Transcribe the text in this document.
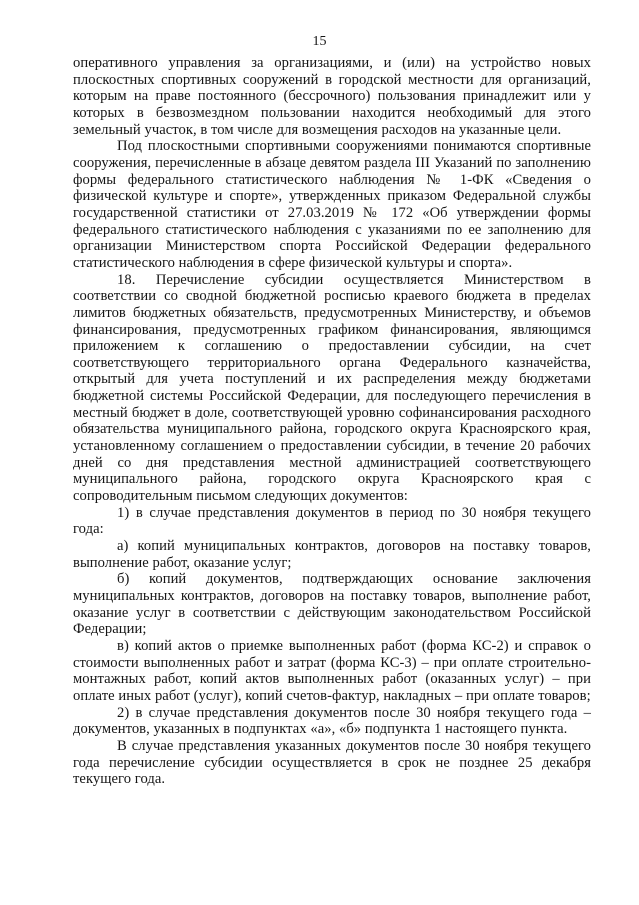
15

оперативного управления за организациями, и (или) на устройство новых плоскостных спортивных сооружений в городской местности для организаций, которым на праве постоянного (бессрочного) пользования принадлежит или у которых в безвозмездном пользовании находится необходимый для этого земельный участок, в том числе для возмещения расходов на указанные цели.

Под плоскостными спортивными сооружениями понимаются спортивные сооружения, перечисленные в абзаце девятом раздела III Указаний по заполнению формы федерального статистического наблюдения № 1-ФК «Сведения о физической культуре и спорте», утвержденных приказом Федеральной службы государственной статистики от 27.03.2019 № 172 «Об утверждении формы федерального статистического наблюдения с указаниями по ее заполнению для организации Министерством спорта Российской Федерации федерального статистического наблюдения в сфере физической культуры и спорта».

18. Перечисление субсидии осуществляется Министерством в соответствии со сводной бюджетной росписью краевого бюджета в пределах лимитов бюджетных обязательств, предусмотренных Министерству, и объемов финансирования, предусмотренных графиком финансирования, являющимся приложением к соглашению о предоставлении субсидии, на счет соответствующего территориального органа Федерального казначейства, открытый для учета поступлений и их распределения между бюджетами бюджетной системы Российской Федерации, для последующего перечисления в местный бюджет в доле, соответствующей уровню софинансирования расходного обязательства муниципального района, городского округа Красноярского края, установленному соглашением о предоставлении субсидии, в течение 20 рабочих дней со дня представления местной администрацией соответствующего муниципального района, городского округа Красноярского края с сопроводительным письмом следующих документов:

1) в случае представления документов в период по 30 ноября текущего года:

а) копий муниципальных контрактов, договоров на поставку товаров, выполнение работ, оказание услуг;

б) копий документов, подтверждающих основание заключения муниципальных контрактов, договоров на поставку товаров, выполнение работ, оказание услуг в соответствии с действующим законодательством Российской Федерации;

в) копий актов о приемке выполненных работ (форма КС-2) и справок о стоимости выполненных работ и затрат (форма КС-3) – при оплате строительно-монтажных работ, копий актов выполненных работ (оказанных услуг) – при оплате иных работ (услуг), копий счетов-фактур, накладных – при оплате товаров;

2) в случае представления документов после 30 ноября текущего года – документов, указанных в подпунктах «а», «б» подпункта 1 настоящего пункта.

В случае представления указанных документов после 30 ноября текущего года перечисление субсидии осуществляется в срок не позднее 25 декабря текущего года.
